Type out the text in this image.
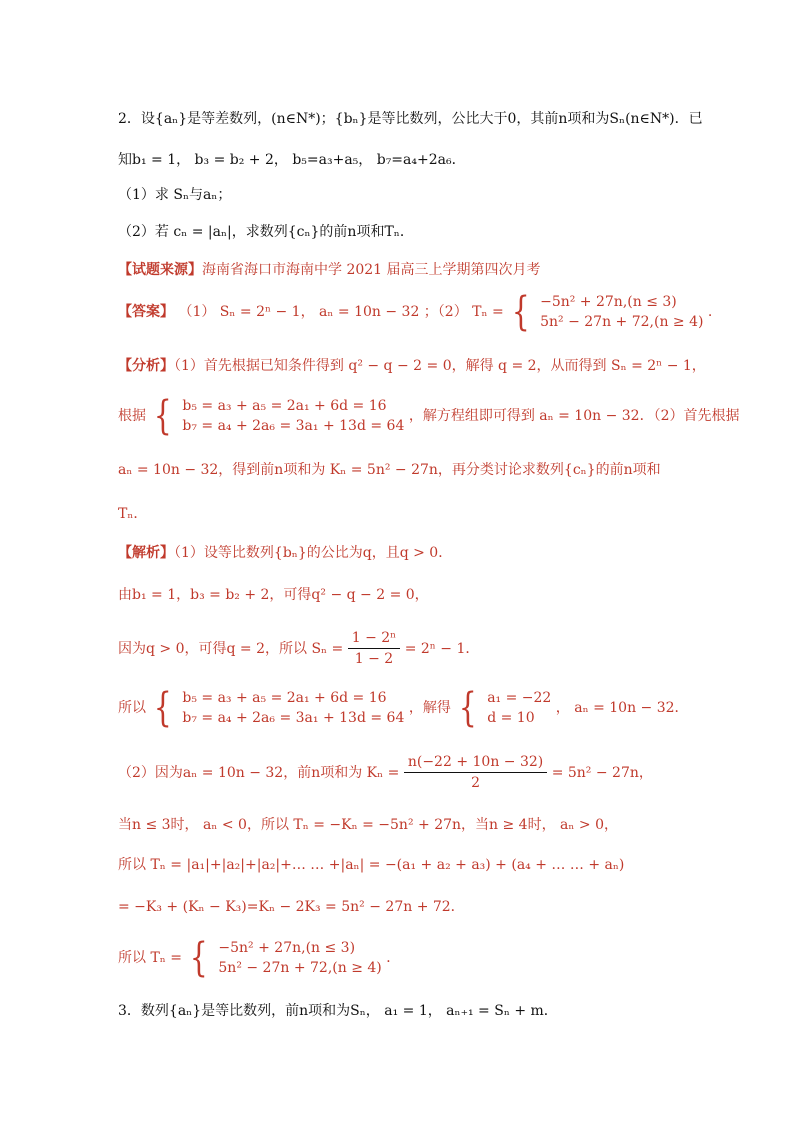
2．设{aₙ}是等差数列，(n∈N*)；{bₙ}是等比数列，公比大于0，其前n项和为Sₙ(n∈N*)．已
知b₁ = 1， b₃ = b₂ + 2， b₅=a₃+a₅， b₇=a₄+2a₆．
（1）求 Sₙ与aₙ；
（2）若 cₙ = |aₙ|，求数列{cₙ}的前n项和Tₙ．
【试题来源】海南省海口市海南中学 2021 届高三上学期第四次月考
【答案】 （1） Sₙ = 2ⁿ − 1， aₙ = 10n − 32 ；（2） Tₙ = { −5n² + 27n,(n ≤ 3)
5n² − 27n + 72,(n ≥ 4)
.
【分析】（1）首先根据已知条件得到 q² − q − 2 = 0，解得 q = 2，从而得到 Sₙ = 2ⁿ − 1，
根据 { b₅ = a₃ + a₅ = 2a₁ + 6d = 16
b₇ = a₄ + 2a₆ = 3a₁ + 13d = 64
，解方程组即可得到 aₙ = 10n − 32．（2）首先根据
aₙ = 10n − 32，得到前n项和为 Kₙ = 5n² − 27n，再分类讨论求数列{cₙ}的前n项和
Tₙ．
【解析】（1）设等比数列{bₙ}的公比为q，且q > 0．
由b₁ = 1，b₃ = b₂ + 2，可得q² − q − 2 = 0，
因为q > 0，可得q = 2，所以 $S_n = \frac{\text{1 − 2ⁿ}}{1 - 2} = 2^n - 1$．
所以 { b₅ = a₃ + a₅ = 2a₁ + 6d = 16
b₇ = a₄ + 2a₆ = 3a₁ + 13d = 64
，解得 { a₁ = −22
d = 10
， aₙ = 10n − 32．
（2）因为aₙ = 10n − 32，前n项和为 $K_n = \frac{n(-22 + 10n - 32)}{2} = 5n^2 - 27n$，
当n ≤ 3时， aₙ < 0，所以 Tₙ = −Kₙ = −5n² + 27n，当n ≥ 4时， aₙ > 0，
所以 Tₙ = |a₁|+|a₂|+|a₂|+… … +|aₙ| = −(a₁ + a₂ + a₃) + (a₄ + … … + aₙ)
= −K₃ + (Kₙ − K₃)=Kₙ − 2K₃ = 5n² − 27n + 72．
所以 Tₙ = { −5n² + 27n,(n ≤ 3)
5n² − 27n + 72,(n ≥ 4)
．
3．数列{aₙ}是等比数列，前n项和为Sₙ， a₁ = 1， aₙ₊₁ = Sₙ + m．
